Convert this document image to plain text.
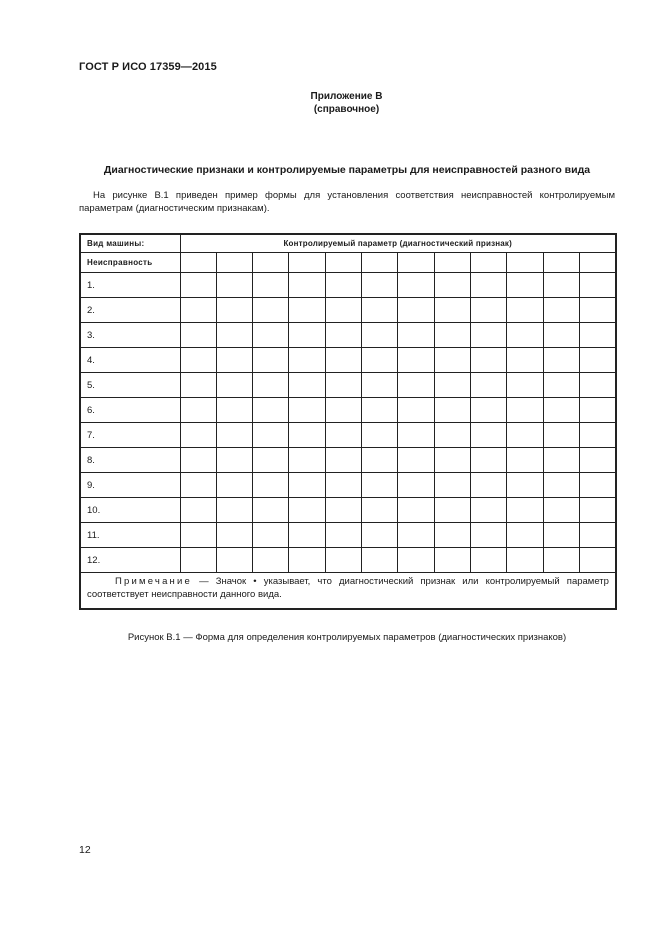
ГОСТ Р ИСО 17359—2015
Приложение В
(справочное)
Диагностические признаки и контролируемые параметры для неисправностей разного вида
На рисунке В.1 приведен пример формы для установления соответствия неисправностей контролируемым параметрам (диагностическим признакам).
Вид машины:	Контролируемый параметр (диагностический признак)											
Неисправность												
1.												
2.												
3.												
4.												
5.												
6.												
7.												
8.												
9.												
10.												
11.												
12.												

Примечание — Значок • указывает, что диагностический признак или контролируемый параметр соответствует неисправности данного вида.												
Рисунок В.1 — Форма для определения контролируемых параметров (диагностических признаков)
12
